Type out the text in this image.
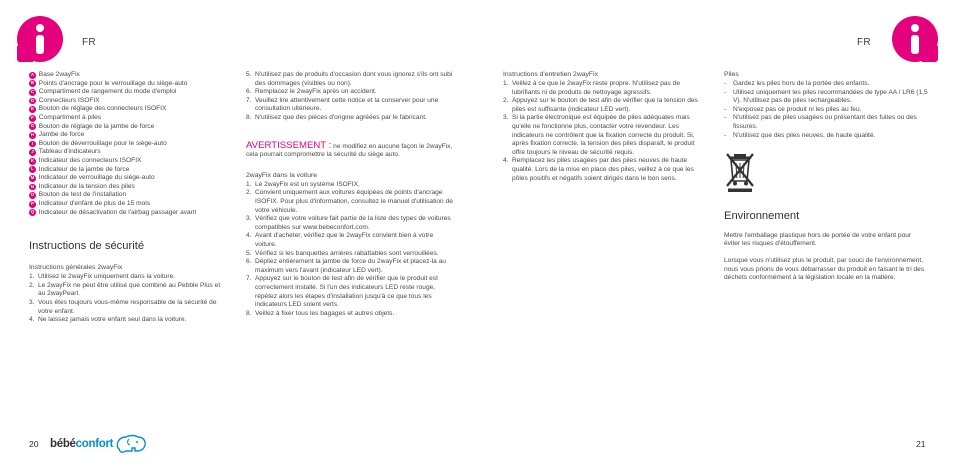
FR	FR
A Base 2wayFix
B Points d'ancrage pour le verrouillage du siège-auto
C Compartiment de rangement du mode d'emploi
D Connecteurs ISOFIX
E Bouton de réglage des connecteurs ISOFIX
F Compartiment à piles
G Bouton de réglage de la jambe de force
H Jambe de force
I Bouton de déverrouillage pour le siège-auto
J Tableau d'indicateurs
K Indicateur des connecteurs ISOFIX
L Indicateur de la jambe de force
M Indicateur de verrouillage du siège-auto
N Indicateur de la tension des piles
O Bouton de test de l'installation
P Indicateur d'enfant de plus de 15 mois
Q Indicateur de désactivation de l'airbag passager avant
Instructions de sécurité
Instructions générales 2wayFix
1. Utilisez le 2wayFix uniquement dans la voiture.
2. Le 2wayFix ne peut être utilisé que combiné au Pebble Plus et au 2wayPearl.
3. Vous êtes toujours vous-même responsable de la sécurité de votre enfant.
4. Ne laissez jamais votre enfant seul dans la voiture.
5. N'utilisez pas de produits d'occasion dont vous ignorez s'ils ont subi des dommages (visibles ou non).
6. Remplacez le 2wayFix après un accident.
7. Veuillez lire attentivement cette notice et la conserver pour une consultation ultérieure.
8. N'utilisez que des pièces d'origine agréées par le fabricant.
AVERTISSEMENT : ne modifiez en aucune façon le 2wayFix, cela pourrait compromettre la sécurité du siège auto.
2wayFix dans la voiture
1. Le 2wayFix est un système ISOFIX.
2. Convient uniquement aux voitures équipées de points d'ancrage ISOFIX. Pour plus d'information, consultez le manuel d'utilisation de votre véhicule.
3. Vérifiez que votre voiture fait partie de la liste des types de voitures compatibles sur www.bebeconfort.com.
4. Avant d'acheter, vérifiez que le 2wayFix convient bien à votre voiture.
5. Vérifiez si les banquettes arrières rabattables sont verrouillées.
6. Dépliez entièrement la jambe de force du 2wayFix et placez-la au maximum vers l'avant (indicateur LED vert).
7. Appuyez sur le bouton de test afin de vérifier que le produit est correctement installé. Si l'un des indicateurs LED reste rouge, répétez alors les étapes d'installation jusqu'à ce que tous les indicateurs LED soient verts.
8. Veillez à fixer tous les bagages et autres objets.
Instructions d'entretien 2wayFix
1. Veillez à ce que le 2wayFix reste propre. N'utilisez pas de lubrifiants ni de produits de nettoyage agressifs.
2. Appuyez sur le bouton de test afin de vérifier que la tension des piles est suffisante (indicateur LED vert).
3. Si la partie électronique est équipée de piles adéquates mais qu'elle ne fonctionne plus, contacter votre revendeur. Les indicateurs ne contrôlent que la fixation correcte du produit. Si, après fixation correcte, la tension des piles disparaît, le produit offre toujours le niveau de sécurité requis.
4. Remplacez les piles usagées par des piles neuves de haute qualité. Lors de la mise en place des piles, veillez à ce que les pôles positifs et négatifs soient dirigés dans le bon sens.
Piles
- Gardez les piles hors de la portée des enfants.
- Utilisez uniquement les piles recommandées de type AA / LR6 (1,5 V). N'utilisez pas de piles rechargeables.
- N'exposez pas ce produit ni les piles au feu.
- N'utilisez pas de piles usagées ou présentant des fuites ou des fissures.
- N'utilisez que des piles neuves, de haute qualité.
Environnement

Mettre l'emballage plastique hors de portée de votre enfant pour éviter les risques d'étouffement.

Lorsque vous n'utilisez plus le produit, par souci de l'environnement, nous vous prions de vous débarrasser du produit en faisant le tri des déchets conformément à la législation locale en la matière.

20 bébéconfort	21
